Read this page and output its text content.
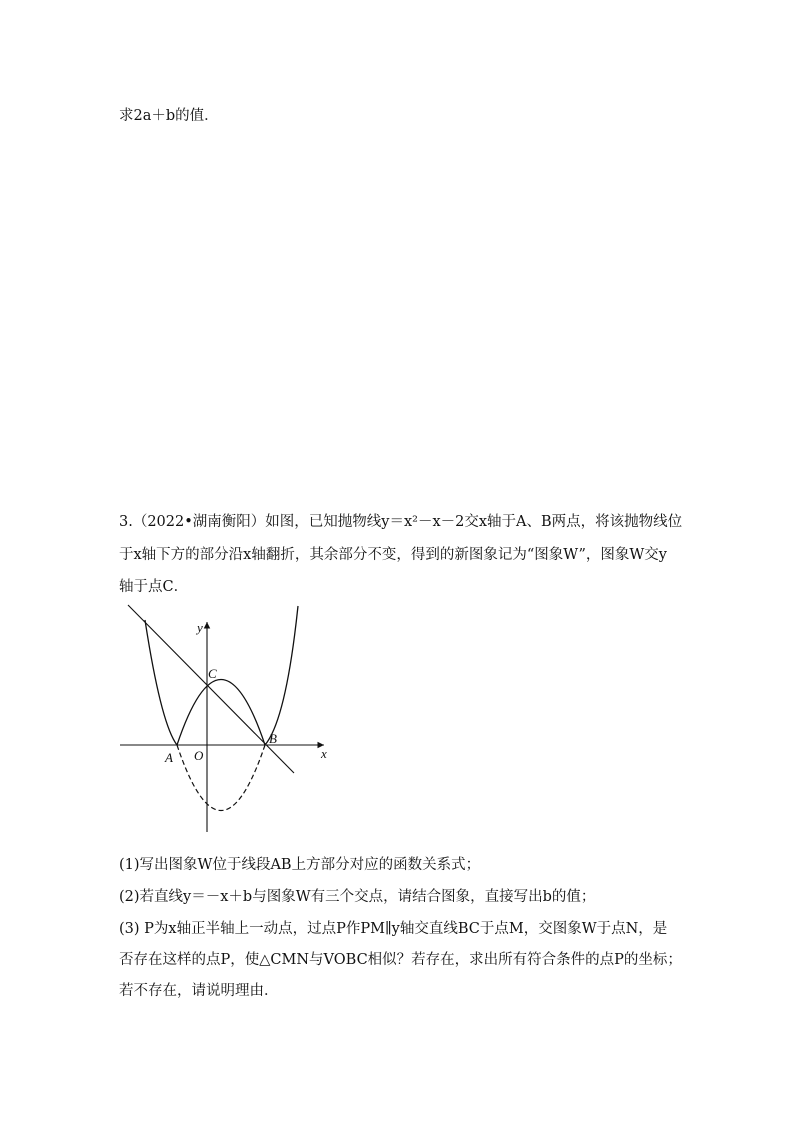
求2a＋b的值．
3.（2022•湖南衡阳）如图，已知抛物线y＝x²－x－2交x轴于A、B两点，将该抛物线位
于x轴下方的部分沿x轴翻折，其余部分不变，得到的新图象记为“图象W”，图象W交y
轴于点C．
y
x
C
O
A
B
(1)写出图象W位于线段AB上方部分对应的函数关系式；
(2)若直线y＝－x＋b与图象W有三个交点，请结合图象，直接写出b的值；
(3) P为x轴正半轴上一动点，过点P作PM∥y轴交直线BC于点M，交图象W于点N，是
否存在这样的点P，使△CMN与VOBC相似？若存在，求出所有符合条件的点P的坐标；
若不存在，请说明理由．
